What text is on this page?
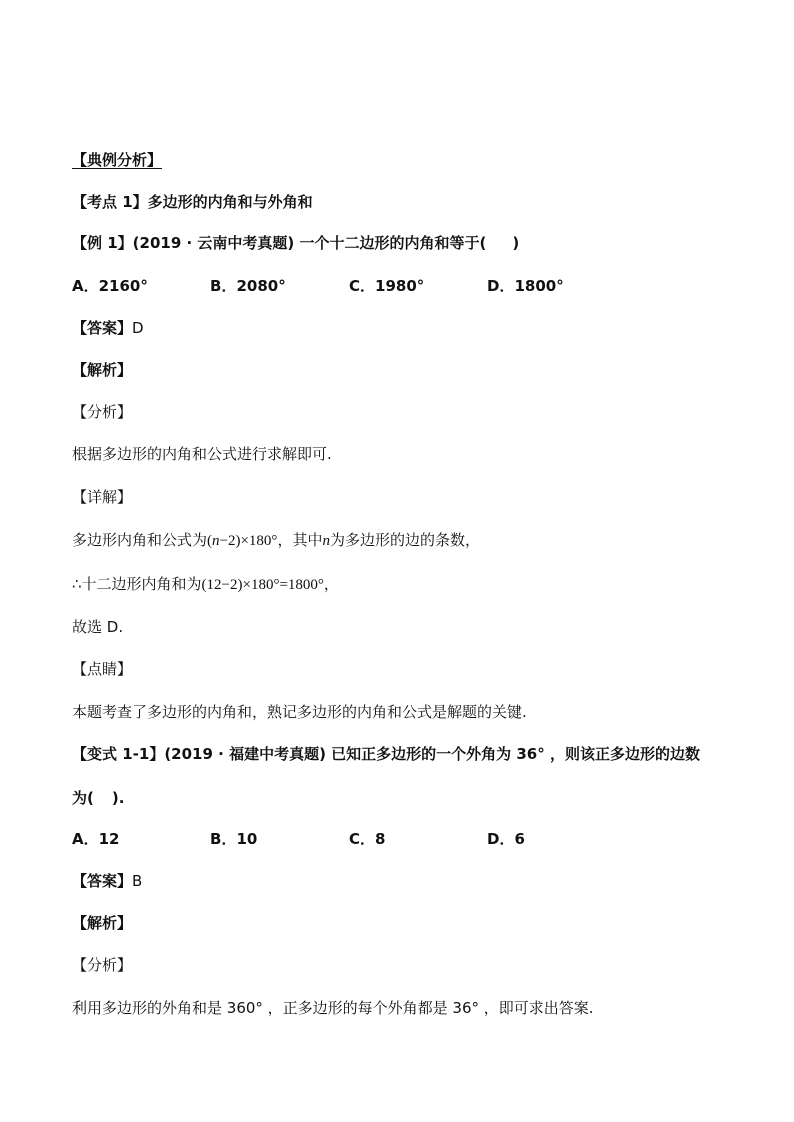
【典例分析】
【考点 1】多边形的内角和与外角和
【例 1】(2019 · 云南中考真题) 一个十二边形的内角和等于( )
A．2160°	B．2080°	C．1980°	D．1800°
【答案】D
【解析】
【分析】
根据多边形的内角和公式进行求解即可.
【详解】
多边形内角和公式为(n−2)×180°，其中n为多边形的边的条数，
∴十二边形内角和为(12−2)×180°=1800°，
故选 D.
【点睛】
本题考查了多边形的内角和，熟记多边形的内角和公式是解题的关键.
【变式 1-1】(2019 · 福建中考真题) 已知正多边形的一个外角为 36° ，则该正多边形的边数
为( ).
A．12	B．10	C．8	D．6
【答案】B
【解析】
【分析】
利用多边形的外角和是 360° ，正多边形的每个外角都是 36° ，即可求出答案.
